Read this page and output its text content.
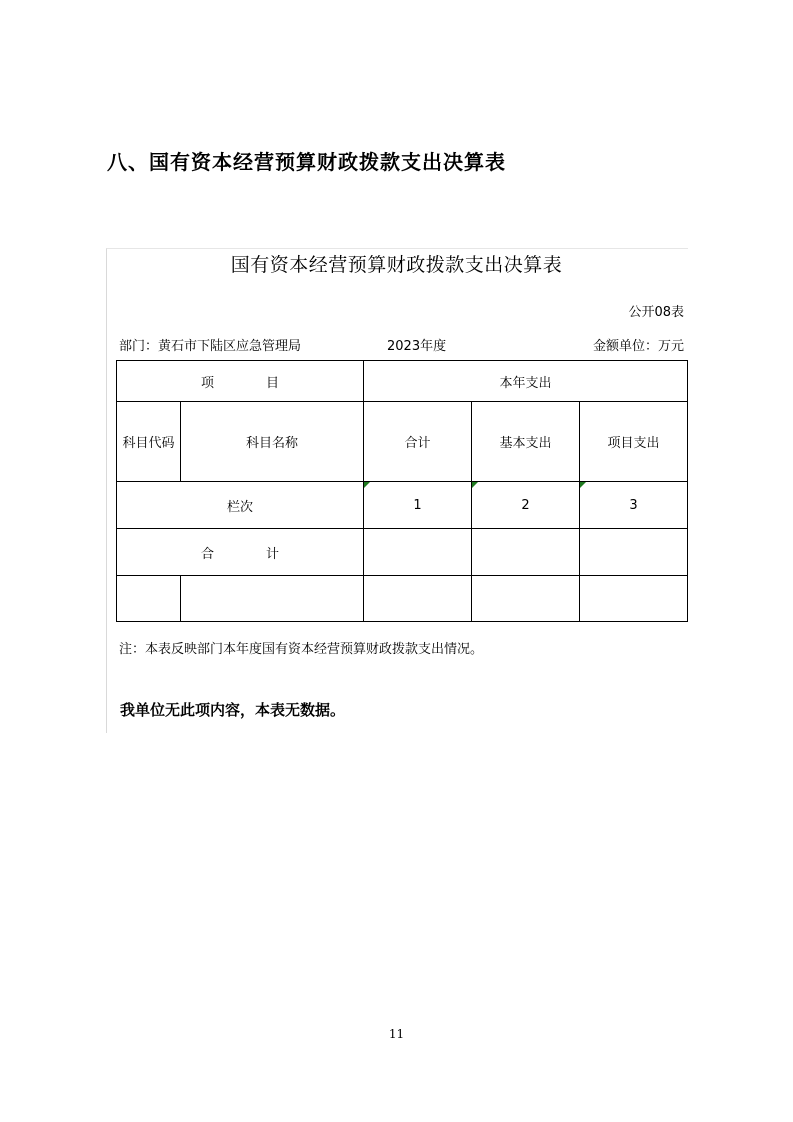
八、国有资本经营预算财政拨款支出决算表
国有资本经营预算财政拨款支出决算表
公开08表
部门：黄石市下陆区应急管理局	2023年度	金额单位：万元
项　　　　目		本年支出		
科目代码	科目名称	合计	基本支出	项目支出
栏次		1	2	3
合　　　　计				

注：本表反映部门本年度国有资本经营预算财政拨款支出情况。
我单位无此项内容，本表无数据。
11
